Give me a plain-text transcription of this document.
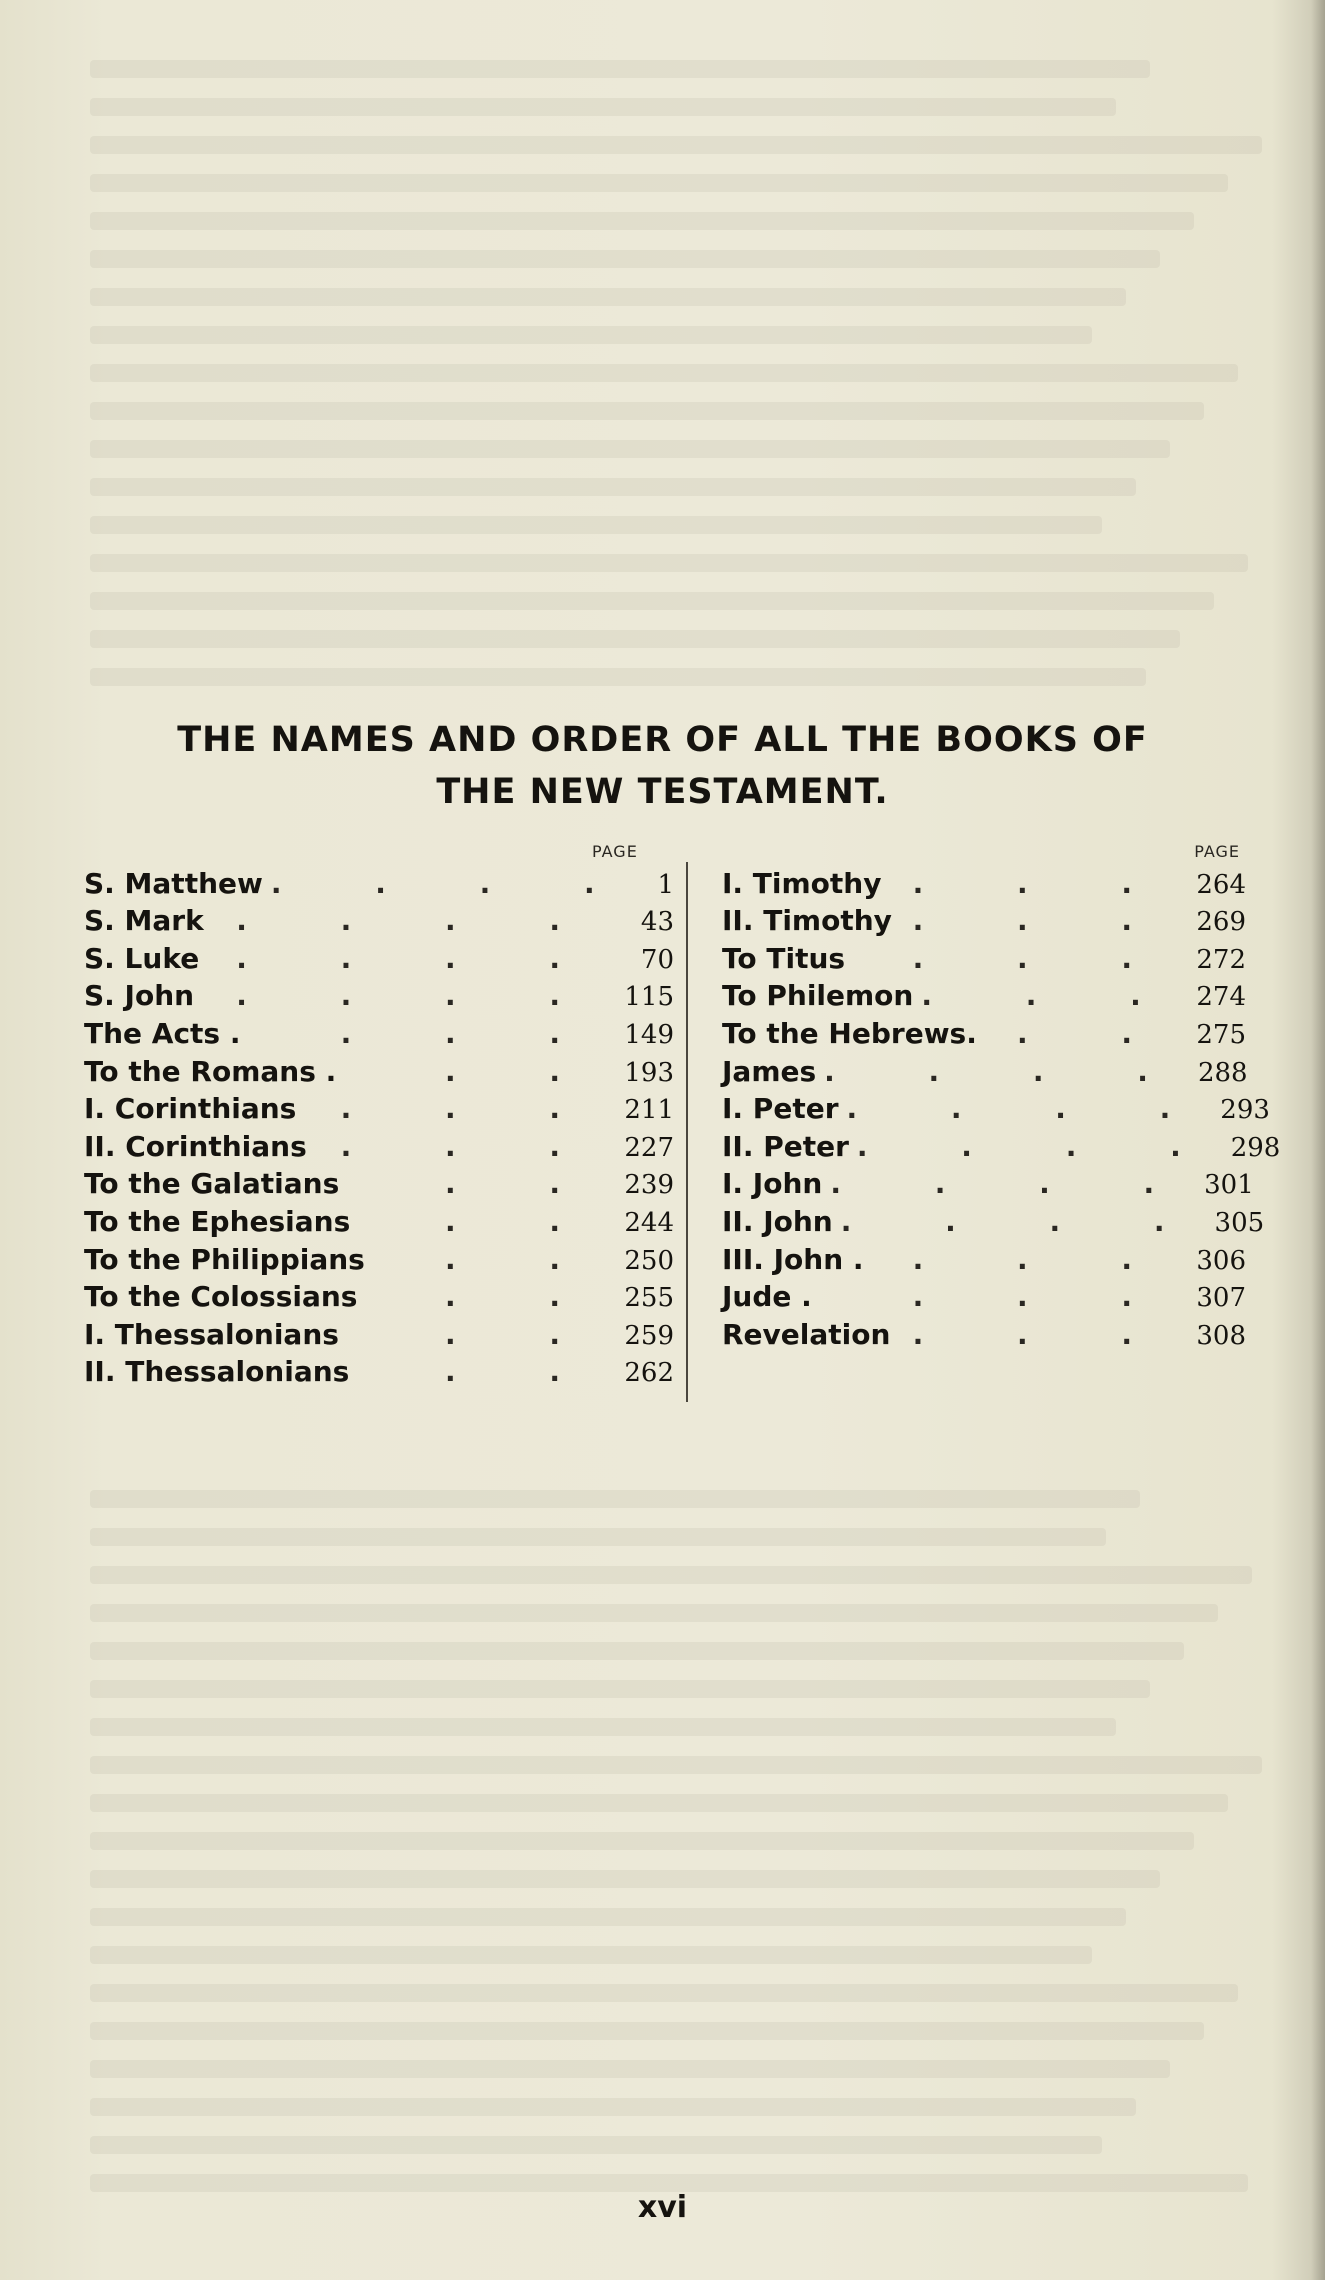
THE NAMES AND ORDER OF ALL THE BOOKS OF
THE NEW TESTAMENT.
PAGE
S. Matthew . . . . 1
S. Mark	. . . .	43
S. Luke	. . . .	70
S. John	. . . . 115
The Acts .	. . . 149
To the Romans .	. . 193
I. Corinthians	. . . 211
II. Corinthians	. . . 227
To the Galatians	. . 239
To the Ephesians	. . 244
To the Philippians	. . 250
To the Colossians	. . 255
I. Thessalonians	. . 259
II. Thessalonians	. . 262
PAGE
I. Timothy	. . . 264
II. Timothy . . . 269
To Titus	. . . 272
To Philemon . . . 274
To the Hebrews.	. . 275
James . . . . 288
I. Peter . . . . 293
II. Peter . . . . 298
I. John . . . . 301
II. John . . . . 305
III. John .	. . . 306
Jude .	. . . 307
Revelation . . . 308
xvi
